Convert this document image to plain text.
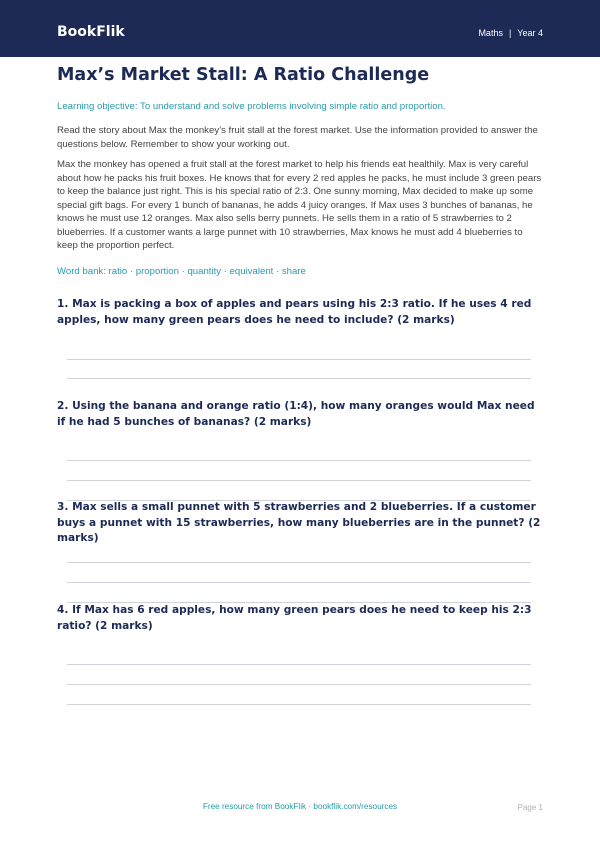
BookFlik	Maths | Year 4
Max’s Market Stall: A Ratio Challenge
Learning objective: To understand and solve problems involving simple ratio and proportion.

Read the story about Max the monkey’s fruit stall at the forest market. Use the information provided to answer the questions below. Remember to show your working out.

Max the monkey has opened a fruit stall at the forest market to help his friends eat healthily. Max is very careful about how he packs his fruit boxes. He knows that for every 2 red apples he packs, he must include 3 green pears to keep the balance just right. This is his special ratio of 2:3. One sunny morning, Max decided to make up some special gift bags. For every 1 bunch of bananas, he adds 4 juicy oranges. If Max uses 3 bunches of bananas, he knows he must use 12 oranges. Max also sells berry punnets. He sells them in a ratio of 5 strawberries to 2 blueberries. If a customer wants a large punnet with 10 strawberries, Max knows he must add 4 blueberries to keep the proportion perfect.

Word bank: ratio · proportion · quantity · equivalent · share

1. Max is packing a box of apples and pears using his 2:3 ratio. If he uses 4 red apples, how many green pears does he need to include? (2 marks)

2. Using the banana and orange ratio (1:4), how many oranges would Max need if he had 5 bunches of bananas? (2 marks)

3. Max sells a small punnet with 5 strawberries and 2 blueberries. If a customer buys a punnet with 15 strawberries, how many blueberries are in the punnet? (2 marks)

4. If Max has 6 red apples, how many green pears does he need to keep his 2:3 ratio? (2 marks)

Free resource from BookFlik · bookflik.com/resources	Page 1
